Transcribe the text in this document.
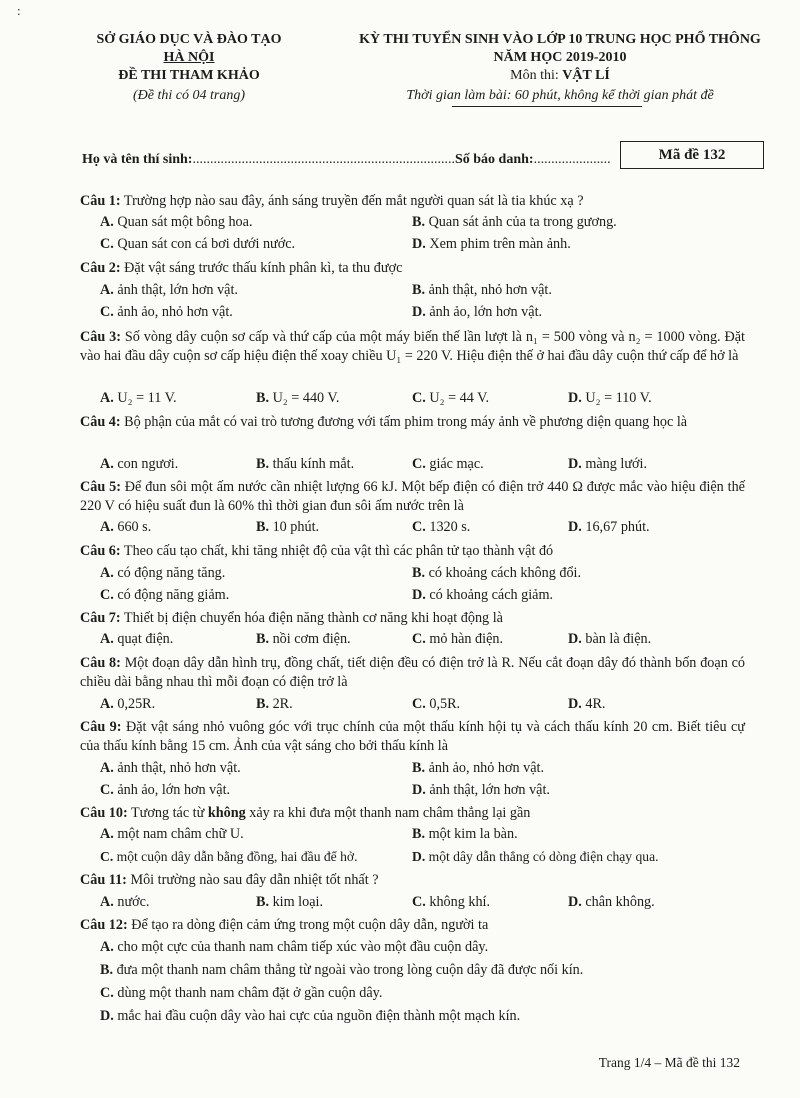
:
SỞ GIÁO DỤC VÀ ĐÀO TẠO
HÀ NỘI
ĐỀ THI THAM KHẢO
(Đề thi có 04 trang)
KỲ THI TUYỂN SINH VÀO LỚP 10 TRUNG HỌC PHỔ THÔNG
NĂM HỌC 2019-2010
Môn thi: VẬT LÍ
Thời gian làm bài: 60 phút, không kể thời gian phát đề
Họ và tên thí sinh:...........................................................................Số báo danh:......................	Mã đề 132
Câu 1: Trường hợp nào sau đây, ánh sáng truyền đến mắt người quan sát là tia khúc xạ ?
A. Quan sát một bông hoa.	B. Quan sát ảnh của ta trong gương.
C. Quan sát con cá bơi dưới nước.	D. Xem phim trên màn ảnh.
Câu 2: Đặt vật sáng trước thấu kính phân kì, ta thu được
A. ảnh thật, lớn hơn vật.	B. ảnh thật, nhỏ hơn vật.
C. ảnh ảo, nhỏ hơn vật.	D. ảnh ảo, lớn hơn vật.
Câu 3: Số vòng dây cuộn sơ cấp và thứ cấp của một máy biến thế lần lượt là n₁ = 500 vòng và n₂ = 1000 vòng. Đặt vào hai đầu dây cuộn sơ cấp hiệu điện thế xoay chiều U₁ = 220 V. Hiệu điện thế ở hai đầu dây cuộn thứ cấp để hở là
A. U₂ = 11 V.	B. U₂ = 440 V.	C. U₂ = 44 V.	D. U₂ = 110 V.
Câu 4: Bộ phận của mắt có vai trò tương đương với tấm phim trong máy ảnh về phương diện quang học là
A. con ngươi.	B. thấu kính mắt.	C. giác mạc.	D. màng lưới.
Câu 5: Để đun sôi một ấm nước cần nhiệt lượng 66 kJ. Một bếp điện có điện trở 440 Ω được mắc vào hiệu điện thế 220 V có hiệu suất đun là 60% thì thời gian đun sôi ấm nước trên là
A. 660 s.	B. 10 phút.	C. 1320 s.	D. 16,67 phút.
Câu 6: Theo cấu tạo chất, khi tăng nhiệt độ của vật thì các phân tử tạo thành vật đó
A. có động năng tăng.	B. có khoảng cách không đổi.
C. có động năng giảm.	D. có khoảng cách giảm.
Câu 7: Thiết bị điện chuyển hóa điện năng thành cơ năng khi hoạt động là
A. quạt điện.	B. nồi cơm điện.	C. mỏ hàn điện.	D. bàn là điện.
Câu 8: Một đoạn dây dẫn hình trụ, đồng chất, tiết diện đều có điện trở là R. Nếu cắt đoạn dây đó thành bốn đoạn có chiều dài bằng nhau thì mỗi đoạn có điện trở là
A. 0,25R.	B. 2R.	C. 0,5R.	D. 4R.
Câu 9: Đặt vật sáng nhỏ vuông góc với trục chính của một thấu kính hội tụ và cách thấu kính 20 cm. Biết tiêu cự của thấu kính bằng 15 cm. Ảnh của vật sáng cho bởi thấu kính là
A. ảnh thật, nhỏ hơn vật.	B. ảnh ảo, nhỏ hơn vật.
C. ảnh ảo, lớn hơn vật.	D. ảnh thật, lớn hơn vật.
Câu 10: Tương tác từ không xảy ra khi đưa một thanh nam châm thẳng lại gần
A. một nam châm chữ U.	B. một kim la bàn.
C. một cuộn dây dẫn bằng đồng, hai đầu để hở.	D. một dây dẫn thẳng có dòng điện chạy qua.
Câu 11: Môi trường nào sau đây dẫn nhiệt tốt nhất ?
A. nước.	B. kim loại.	C. không khí.	D. chân không.
Câu 12: Để tạo ra dòng điện cảm ứng trong một cuộn dây dẫn, người ta
A. cho một cực của thanh nam châm tiếp xúc vào một đầu cuộn dây.
B. đưa một thanh nam châm thẳng từ ngoài vào trong lòng cuộn dây đã được nối kín.
C. dùng một thanh nam châm đặt ở gần cuộn dây.
D. mắc hai đầu cuộn dây vào hai cực của nguồn điện thành một mạch kín.
Trang 1/4 – Mã đề thi 132
